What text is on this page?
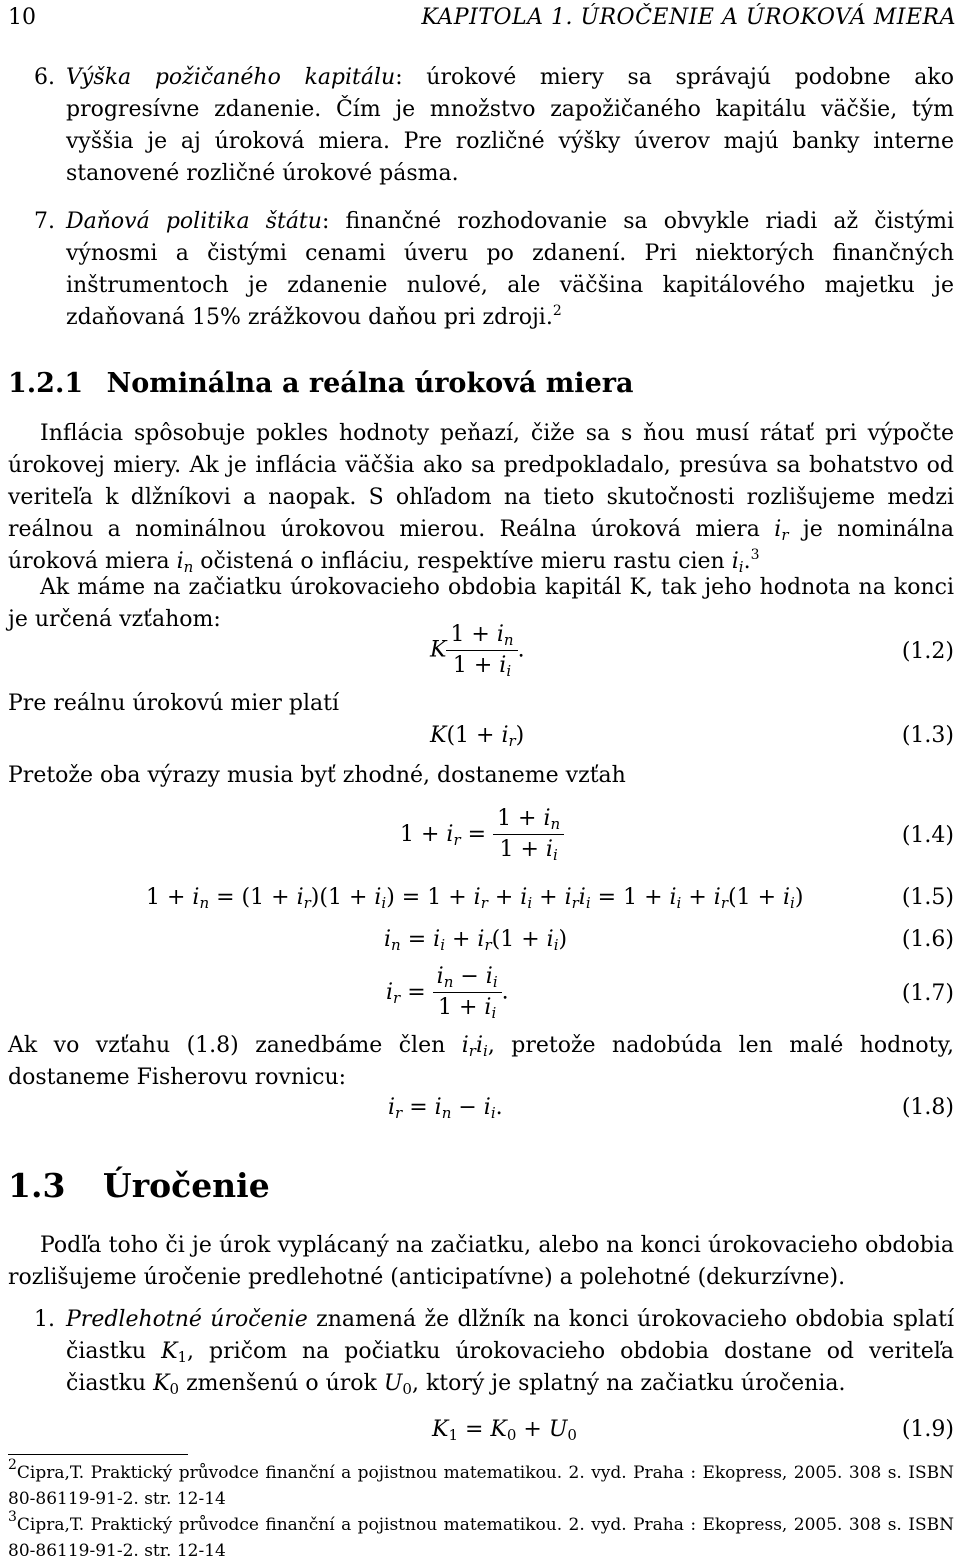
10	KAPITOLA 1. ÚROČENIE A ÚROKOVÁ MIERA
6. Výška požičaného kapitálu: úrokové miery sa správajú podobne ako progresívne zdanenie. Čím je množstvo zapožičaného kapitálu väčšie, tým vyššia je aj úroková miera. Pre rozličné výšky úverov majú banky interne stanovené rozličné úrokové pásma.
7. Daňová politika štátu: finančné rozhodovanie sa obvykle riadi až čistými výnosmi a čistými cenami úveru po zdanení. Pri niektorých finančných inštrumentoch je zdanenie nulové, ale väčšina kapitálového majetku je zdaňovaná 15% zrážkovou daňou pri zdroji.$^2$
1.2.1 Nominálna a reálna úroková miera
Inflácia spôsobuje pokles hodnoty peňazí, čiže sa s ňou musí rátať pri výpočte úrokovej miery. Ak je inflácia väčšia ako sa predpokladalo, presúva sa bohatstvo od veriteľa k dlžníkovi a naopak. S ohľadom na tieto skutočnosti rozlišujeme medzi reálnou a nominálnou úrokovou mierou. Reálna úroková miera $i_r$ je nominálna úroková miera $i_n$ očistená o infláciu, respektíve mieru rastu cien $i_i.^3$
Ak máme na začiatku úrokovacieho obdobia kapitál K, tak jeho hodnota na konci je určená vzťahom:
K $\frac{1 + i_n}{1 + i_i}$ .	(1.2)
Pre reálnu úrokovú mier platí
$K(1 + i_r)$	(1.3)
Pretože oba výrazy musia byť zhodné, dostaneme vzťah
$1 + i_r = \frac{1 + i_n}{1 + i_i}$	(1.4)
$1 + i_n = (1 + i_r)(1 + i_i) = 1 + i_r + i_i + i_ri_i = 1 + i_i + i_r(1 + i_i)$	(1.5)
$i_n = i_i + i_r(1 + i_i)$	(1.6)
$i_r = \frac{i_n - i_i}{1 + i_i}$ .	(1.7)
Ak vo vzťahu (1.8) zanedbáme člen $i_ri_i$, pretože nadobúda len malé hodnoty, dostaneme Fisherovu rovnicu:
$i_r = i_n - i_i$.	(1.8)
1.3 Úročenie
Podľa toho či je úrok vyplácaný na začiatku, alebo na konci úrokovacieho obdobia rozlišujeme úročenie predlehotné (anticipatívne) a polehotné (dekurzívne).
1. Predlehotné úročenie znamená že dlžník na konci úrokovacieho obdobia splatí čiastku $K_1$, pričom na počiatku úrokovacieho obdobia dostane od veriteľa čiastku $K_0$ zmenšenú o úrok $U_0$, ktorý je splatný na začiatku úročenia.
$K_1 = K_0 + U_0$	(1.9)
$^2$Cipra,T. Praktický průvodce finanční a pojistnou matematikou. 2. vyd. Praha : Ekopress, 2005. 308 s. ISBN 80-86119-91-2. str. 12-14
$^3$Cipra,T. Praktický průvodce finanční a pojistnou matematikou. 2. vyd. Praha : Ekopress, 2005. 308 s. ISBN 80-86119-91-2. str. 12-14
